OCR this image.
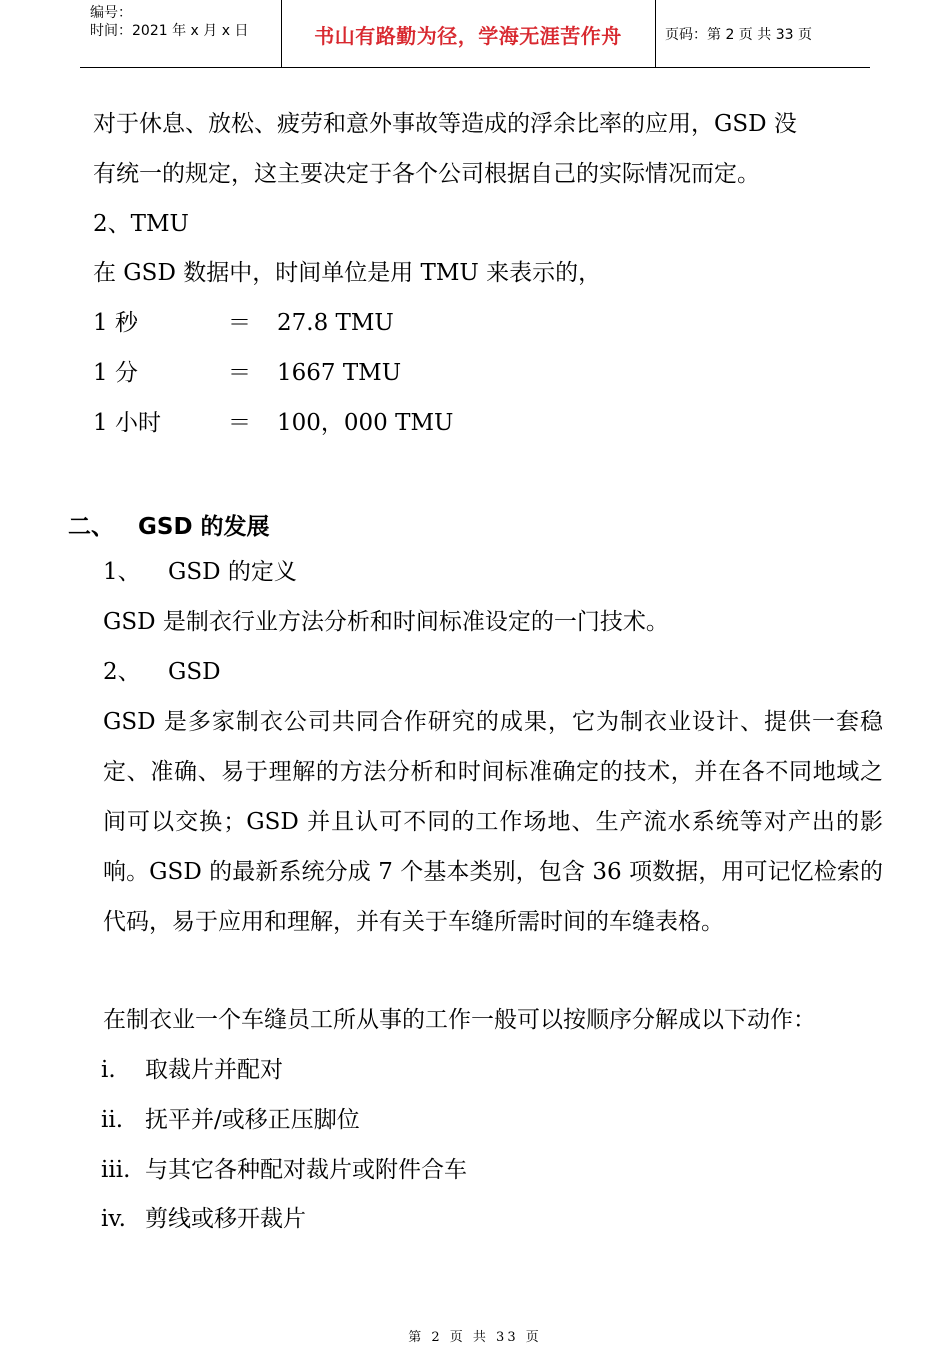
编号：
时间：2021 年 x 月 x 日	书山有路勤为径，学海无涯苦作舟	页码：第 2 页 共 33 页
对于休息、放松、疲劳和意外事故等造成的浮余比率的应用，GSD 没
有统一的规定，这主要决定于各个公司根据自己的实际情况而定。
2、TMU
在 GSD 数据中，时间单位是用 TMU 来表示的，
1 秒	＝ 27.8 TMU
1 分	＝ 1667 TMU
1 小时	＝ 100，000 TMU
二、 GSD 的发展
1、 GSD 的定义
GSD 是制衣行业方法分析和时间标准设定的一门技术。
2、 GSD
GSD 是多家制衣公司共同合作研究的成果，它为制衣业设计、提供一套稳定、准确、易于理解的方法分析和时间标准确定的技术，并在各不同地域之间可以交换；GSD 并且认可不同的工作场地、生产流水系统等对产出的影响。GSD 的最新系统分成 7 个基本类别，包含 36 项数据，用可记忆检索的代码，易于应用和理解，并有关于车缝所需时间的车缝表格。
在制衣业一个车缝员工所从事的工作一般可以按顺序分解成以下动作：
i. 取裁片并配对
ii. 抚平并/或移正压脚位
iii. 与其它各种配对裁片或附件合车
iv. 剪线或移开裁片
第 2 页 共 33 页
